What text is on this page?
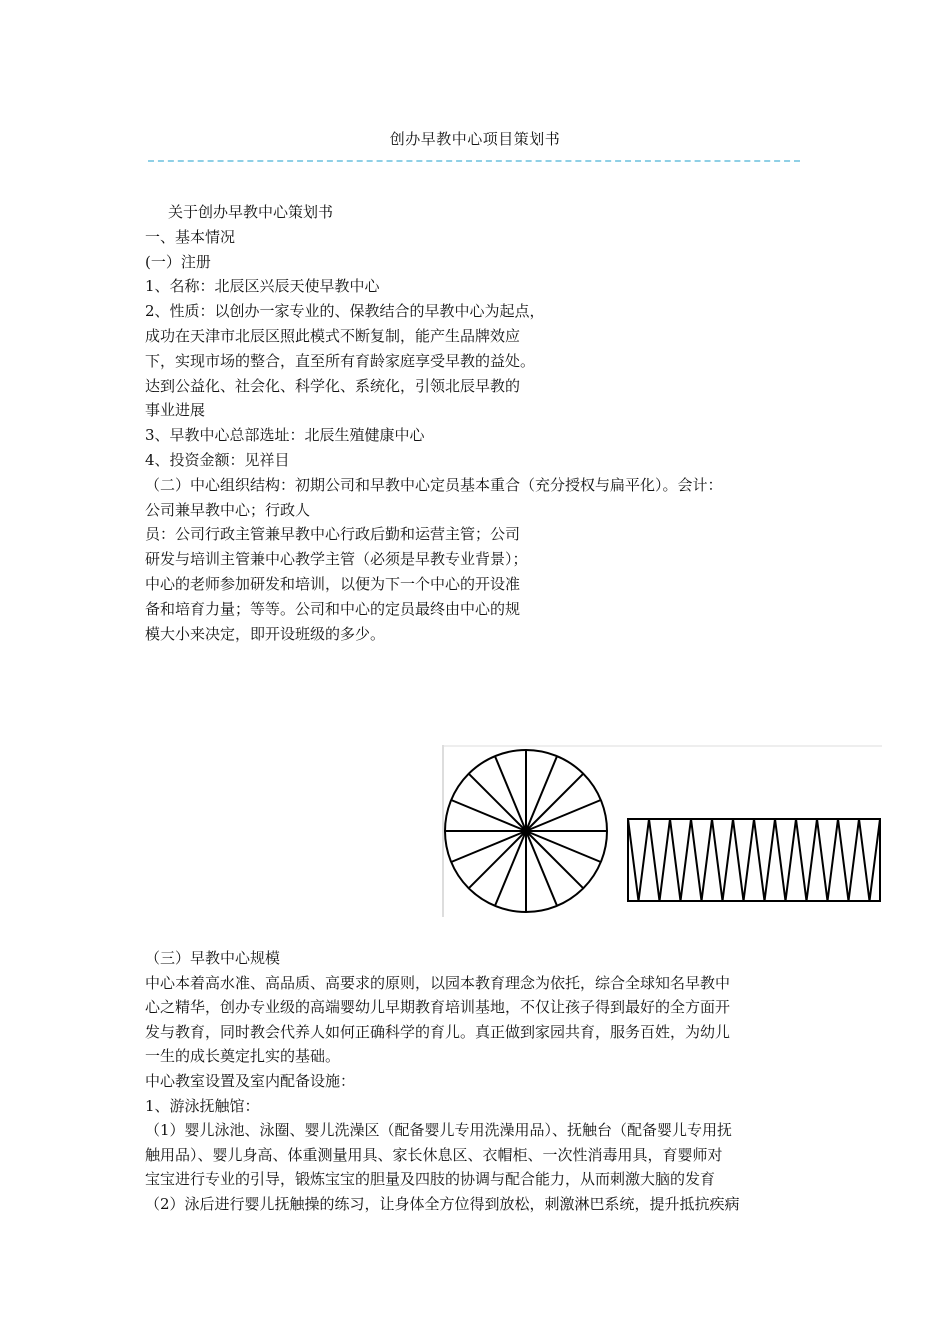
创办早教中心项目策划书
关于创办早教中心策划书
一、基本情况
(一）注册
1、名称：北辰区兴辰天使早教中心
2、性质：以创办一家专业的、保教结合的早教中心为起点，
成功在天津市北辰区照此模式不断复制，能产生品牌效应
下，实现市场的整合，直至所有育龄家庭享受早教的益处。
达到公益化、社会化、科学化、系统化，引领北辰早教的
事业进展
3、早教中心总部选址：北辰生殖健康中心
4、投资金额：见祥目
（二）中心组织结构：初期公司和早教中心定员基本重合（充分授权与扁平化）。会计：
公司兼早教中心；行政人
员：公司行政主管兼早教中心行政后勤和运营主管；公司
研发与培训主管兼中心教学主管（必须是早教专业背景）；
中心的老师参加研发和培训，以便为下一个中心的开设准
备和培育力量；等等。公司和中心的定员最终由中心的规
模大小来决定，即开设班级的多少。
（三）早教中心规模
中心本着高水准、高品质、高要求的原则，以园本教育理念为依托，综合全球知名早教中
心之精华，创办专业级的高端婴幼儿早期教育培训基地，不仅让孩子得到最好的全方面开
发与教育，同时教会代养人如何正确科学的育儿。真正做到家园共育，服务百姓，为幼儿
一生的成长奠定扎实的基础。
中心教室设置及室内配备设施：
1、游泳抚触馆：
（1）婴儿泳池、泳圈、婴儿洗澡区（配备婴儿专用洗澡用品）、抚触台（配备婴儿专用抚
触用品）、婴儿身高、体重测量用具、家长休息区、衣帽柜、一次性消毒用具，育婴师对
宝宝进行专业的引导，锻炼宝宝的胆量及四肢的协调与配合能力，从而刺激大脑的发育
（2）泳后进行婴儿抚触操的练习，让身体全方位得到放松，刺激淋巴系统，提升抵抗疾病
